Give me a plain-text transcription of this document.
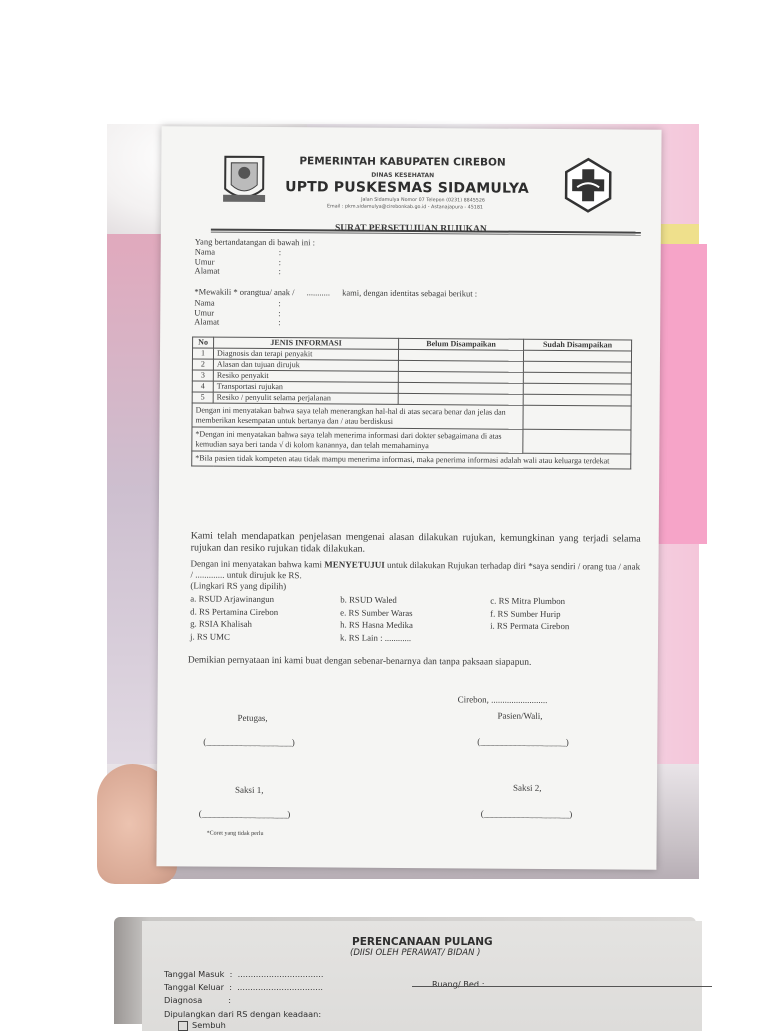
PEMERINTAH KABUPATEN CIREBON
DINAS KESEHATAN
UPTD PUSKESMAS SIDAMULYA
Jalan Sidamulya Nomor 07 Telepon (0231) 8845526
Email : pkm.sidamulya@cirebonkab.go.id - Astanajapura - 45181
SURAT PERSETUJUAN RUJUKAN
Yang bertandatangan di bawah ini :
Nama	:
Umur	:
Alamat	:
*Mewakili * orangtua/ anak / ........... kami, dengan identitas sebagai berikut :
Nama	:
Umur	:
Alamat	:
No	JENIS INFORMASI	Belum Disampaikan	Sudah Disampaikan
1	Diagnosis dan terapi penyakit		
2	Alasan dan tujuan dirujuk		
3	Resiko penyakit		
4	Transportasi rujukan		
5	Resiko / penyulit selama perjalanan		
Dengan ini menyatakan bahwa saya telah menerangkan hal-hal di atas secara benar dan jelas dan memberikan kesempatan untuk bertanya dan / atau berdiskusi			
*Dengan ini menyatakan bahwa saya telah menerima informasi dari dokter sebagaimana di atas kemudian saya beri tanda √ di kolom kanannya, dan telah memahaminya			
*Bila pasien tidak kompeten atau tidak mampu menerima informasi, maka penerima informasi adalah wali atau keluarga terdekat			
Kami telah mendapatkan penjelasan mengenai alasan dilakukan rujukan, kemungkinan yang terjadi selama rujukan dan resiko rujukan tidak dilakukan.
Dengan ini menyatakan bahwa kami MENYETUJUI untuk dilakukan Rujukan terhadap diri *saya sendiri / orang tua / anak / ............. untuk dirujuk ke RS.
(Lingkari RS yang dipilih)
a. RSUD Arjawinangun	b. RSUD Waled	c. RS Mitra Plumbon
d. RS Pertamina Cirebon	e. RS Sumber Waras	f. RS Sumber Hurip
g. RSIA Khalisah	h. RS Hasna Medika	i. RS Permata Cirebon
j. RS UMC	k. RS Lain : ............
Demikian pernyataan ini kami buat dengan sebenar-benarnya dan tanpa paksaan siapapun.
Cirebon, .........................
Petugas,	Pasien/Wali,
(___________________)	(___________________)
Saksi 1,	Saksi 2,
(___________________)	(___________________)
*Coret yang tidak perlu
PERENCANAAN PULANG
(DIISI OLEH PERAWAT/ BIDAN )
Tanggal Masuk  :  .................................
Tanggal Keluar  :  .................................	Ruang/ Bed : .................................
Diagnosa          :
Dipulangkan dari RS dengan keadaan:
Sembuh
